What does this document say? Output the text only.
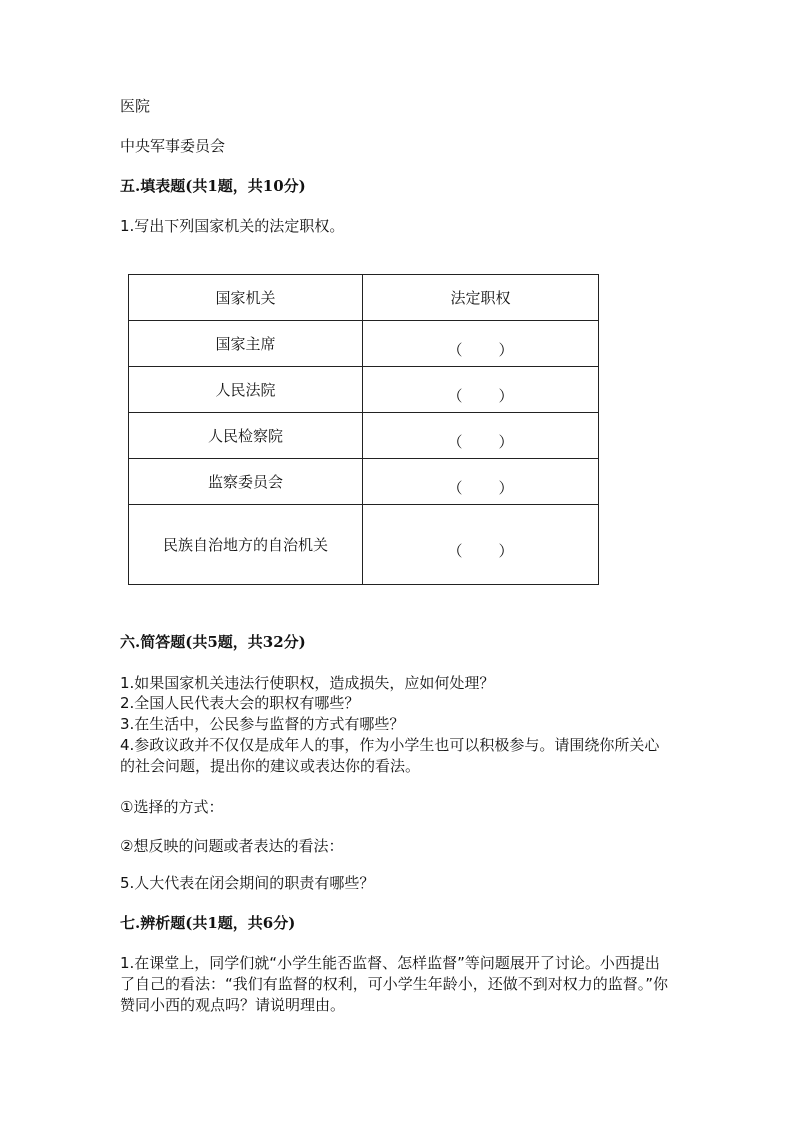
医院
中央军事委员会
五.填表题(共1题，共10分)
1.写出下列国家机关的法定职权。
国家机关	法定职权
国家主席	（ ）

人民法院	（ ）

人民检察院	（ ）

监察委员会	（ ）

民族自治地方的自治机关	（ ）
六.简答题(共5题，共32分)
1.如果国家机关违法行使职权，造成损失，应如何处理？
2.全国人民代表大会的职权有哪些？
3.在生活中，公民参与监督的方式有哪些？
4.参政议政并不仅仅是成年人的事，作为小学生也可以积极参与。请围绕你所关心的社会问题，提出你的建议或表达你的看法。
①选择的方式：
②想反映的问题或者表达的看法：
5.人大代表在闭会期间的职责有哪些？
七.辨析题(共1题，共6分)
1.在课堂上，同学们就“小学生能否监督、怎样监督”等问题展开了讨论。小西提出了自己的看法：“我们有监督的权利，可小学生年龄小，还做不到对权力的监督。”你赞同小西的观点吗？请说明理由。
